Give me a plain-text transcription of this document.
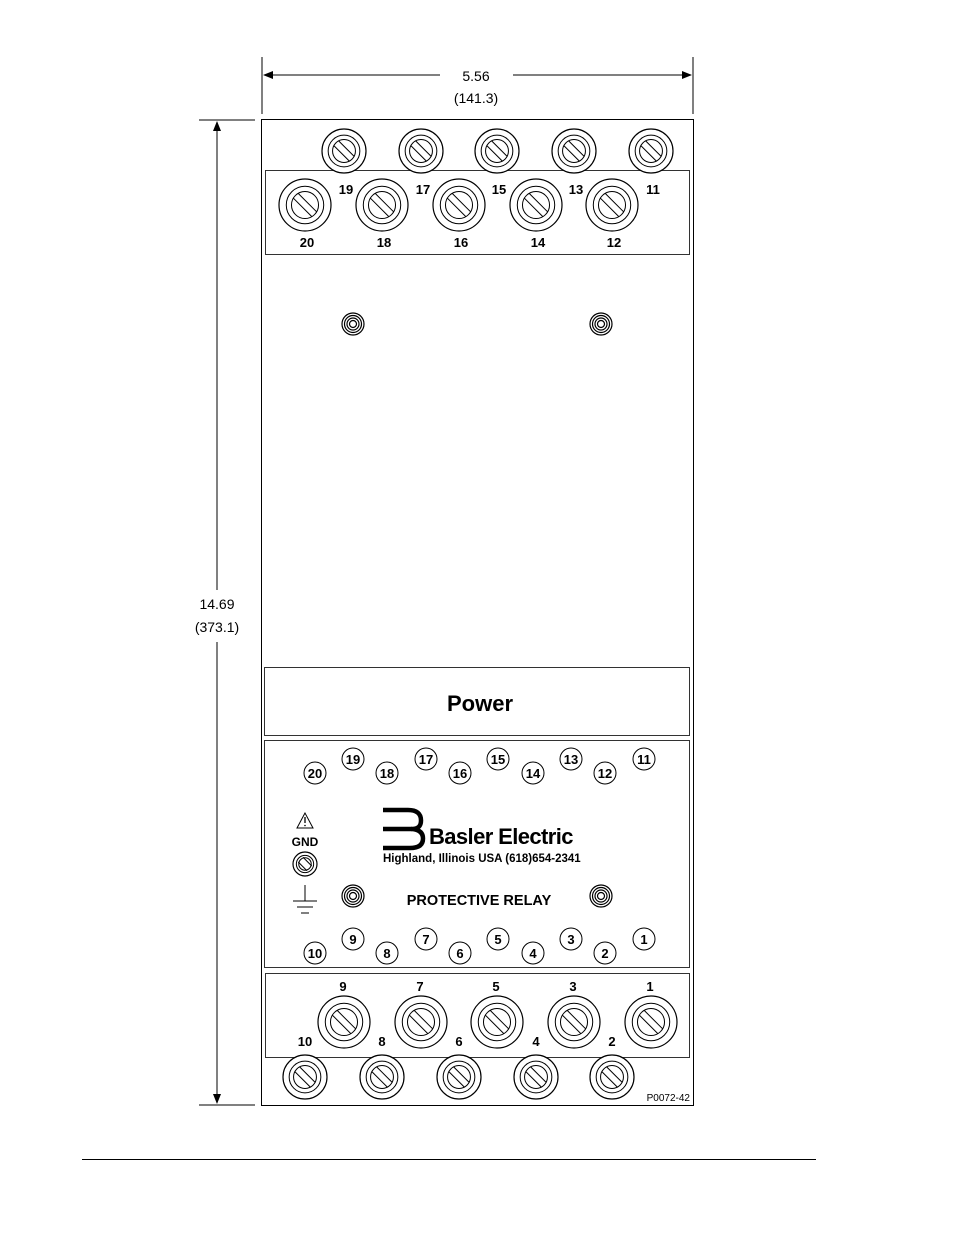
5.56
(141.3)
14.69
(373.1)
19	17	15	13	11
20	18	16	14	12
Power
20
19
18
17
16
15
14
13
12
11
10
9
8
7
6
5
4
3
2
1
GND	Basler Electric
Highland, Illinois USA (618)654-2341
PROTECTIVE RELAY
9	7	5	3	1
10	8	6	4	2
P0072-42
